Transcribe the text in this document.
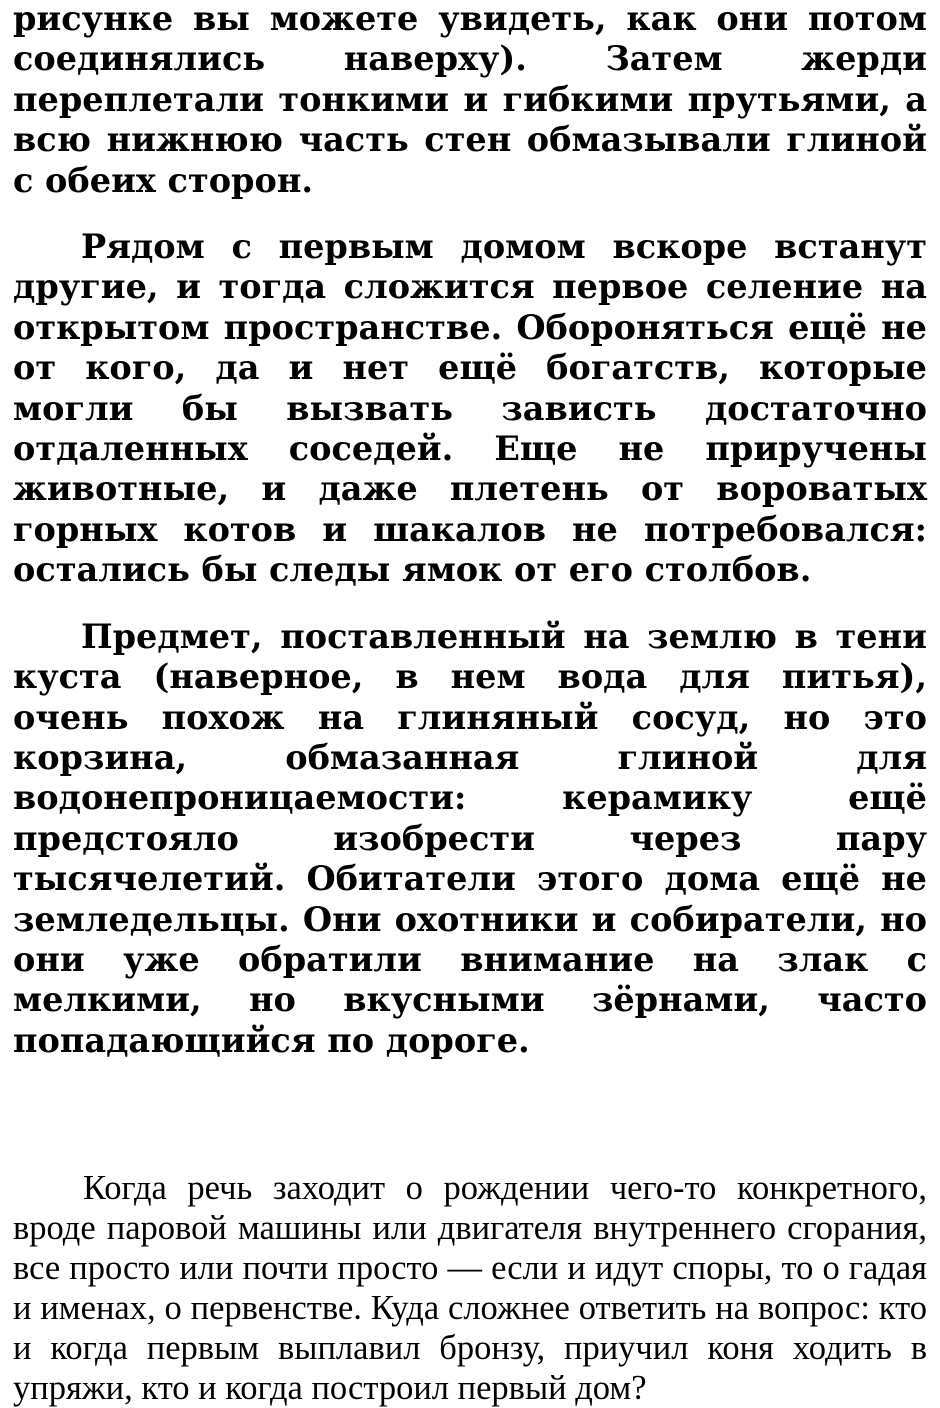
рисунке вы можете увидеть, как они потом соединялись наверху). Затем жерди переплетали тонкими и гибкими прутьями, а всю нижнюю часть стен обмазывали глиной с обеих сторон.

Рядом с первым домом вскоре встанут другие, и тогда сложится первое селение на открытом пространстве. Обороняться ещё не от кого, да и нет ещё богатств, которые могли бы вызвать зависть достаточно отдаленных соседей. Еще не приручены животные, и даже плетень от вороватых горных котов и шакалов не потребовался: остались бы следы ямок от его столбов.

Предмет, поставленный на землю в тени куста (наверное, в нем вода для питья), очень похож на глиняный сосуд, но это корзина, обмазанная глиной для водонепроницаемости: керамику ещё предстояло изобрести через пару тысячелетий. Обитатели этого дома ещё не земледельцы. Они охотники и собиратели, но они уже обратили внимание на злак с мелкими, но вкусными зёрнами, часто попадающийся по дороге.

Когда речь заходит о рождении чего-то конкретного, вроде паровой машины или двигателя внутреннего сгорания, все просто или почти просто — если и идут споры, то о гадая и именах, о первенстве. Куда сложнее ответить на вопрос: кто и когда первым выплавил бронзу, приучил коня ходить в упряжи, кто и когда построил первый дом?
